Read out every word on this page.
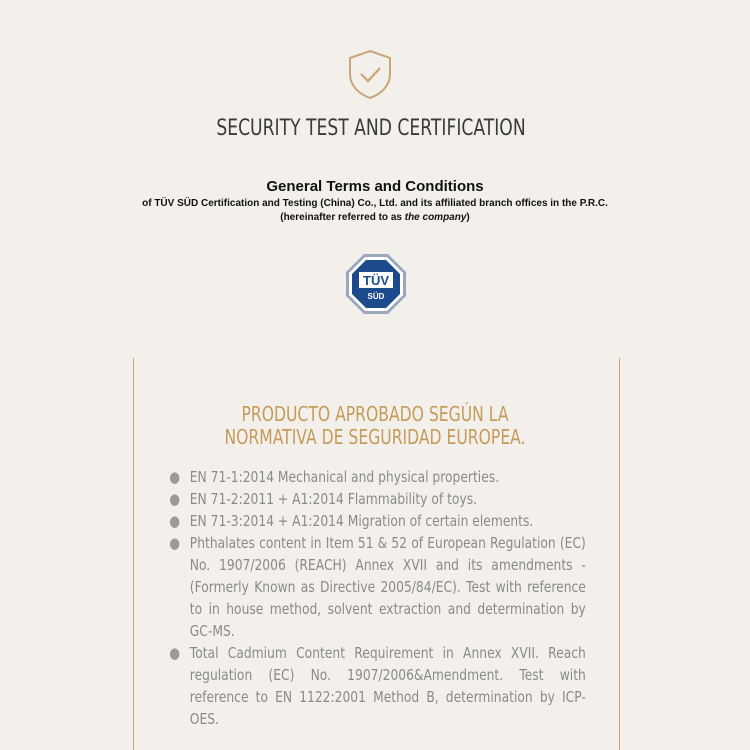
SECURITY TEST AND CERTIFICATION
General Terms and Conditions
of TÜV SÜD Certification and Testing (China) Co., Ltd. and its affiliated branch offices in the P.R.C.
(hereinafter referred to as the company)
TÜV
SÜD
PRODUCTO APROBADO SEGÚN LA
NORMATIVA DE SEGURIDAD EUROPEA.
● EN 71-1:2014 Mechanical and physical properties.
● EN 71-2:2011 + A1:2014 Flammability of toys.
● EN 71-3:2014 + A1:2014 Migration of certain elements.
● Phthalates content in Item 51 & 52 of European Regulation (EC) No. 1907/2006 (REACH) Annex XVII and its amendments - (Formerly Known as Directive 2005/84/EC). Test with reference to in house method, solvent extraction and determination by GC-MS.
● Total Cadmium Content Requirement in Annex XVII. Reach regulation (EC) No. 1907/2006&Amendment. Test with reference to EN 1122:2001 Method B, determination by ICP-OES.
